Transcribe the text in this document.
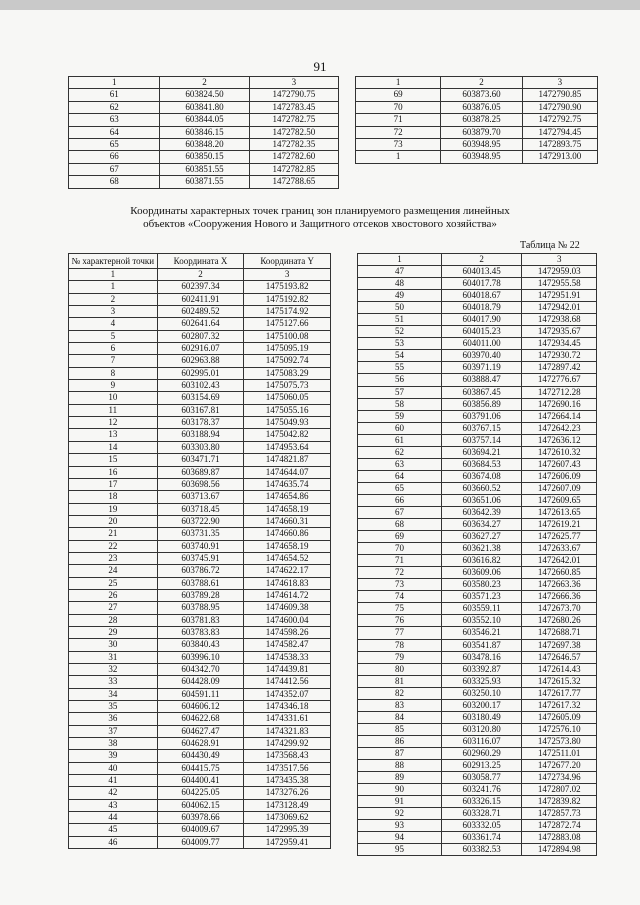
91
1	2	3
61	603824.50	1472790.75
62	603841.80	1472783.45
63	603844.05	1472782.75
64	603846.15	1472782.50
65	603848.20	1472782.35
66	603850.15	1472782.60
67	603851.55	1472782.85
68	603871.55	1472788.65
1	2	3
69	603873.60	1472790.85
70	603876.05	1472790.90
71	603878.25	1472792.75
72	603879.70	1472794.45
73	603948.95	1472893.75
1	603948.95	1472913.00
Координаты характерных точек границ зон планируемого размещения линейных
объектов «Сооружения Нового и Защитного отсеков хвостового хозяйства»
Таблица № 22
№ характерной точки	Координата X	Координата Y
1	2	3
1	602397.34	1475193.82
2	602411.91	1475192.82
3	602489.52	1475174.92
4	602641.64	1475127.66
5	602807.32	1475100.08
6	602916.07	1475095.19
7	602963.88	1475092.74
8	602995.01	1475083.29
9	603102.43	1475075.73
10	603154.69	1475060.05
11	603167.81	1475055.16
12	603178.37	1475049.93
13	603188.94	1475042.82
14	603303.80	1474953.64
15	603471.71	1474821.87
16	603689.87	1474644.07
17	603698.56	1474635.74
18	603713.67	1474654.86
19	603718.45	1474658.19
20	603722.90	1474660.31
21	603731.35	1474660.86
22	603740.91	1474658.19
23	603745.91	1474654.52
24	603786.72	1474622.17
25	603788.61	1474618.83
26	603789.28	1474614.72
27	603788.95	1474609.38
28	603781.83	1474600.04
29	603783.83	1474598.26
30	603840.43	1474582.47
31	603996.10	1474538.33
32	604342.70	1474439.81
33	604428.09	1474412.56
34	604591.11	1474352.07
35	604606.12	1474346.18
36	604622.68	1474331.61
37	604627.47	1474321.83
38	604628.91	1474299.92
39	604430.49	1473568.43
40	604415.75	1473517.56
41	604400.41	1473435.38
42	604225.05	1473276.26
43	604062.15	1473128.49
44	603978.66	1473069.62
45	604009.67	1472995.39
46	604009.77	1472959.41
1	2	3
47	604013.45	1472959.03
48	604017.78	1472955.58
49	604018.67	1472951.91
50	604018.79	1472942.01
51	604017.90	1472938.68
52	604015.23	1472935.67
53	604011.00	1472934.45
54	603970.40	1472930.72
55	603971.19	1472897.42
56	603888.47	1472776.67
57	603867.45	1472712.28
58	603856.89	1472690.16
59	603791.06	1472664.14
60	603767.15	1472642.23
61	603757.14	1472636.12
62	603694.21	1472610.32
63	603684.53	1472607.43
64	603674.08	1472606.09
65	603660.52	1472607.09
66	603651.06	1472609.65
67	603642.39	1472613.65
68	603634.27	1472619.21
69	603627.27	1472625.77
70	603621.38	1472633.67
71	603616.82	1472642.01
72	603609.06	1472660.85
73	603580.23	1472663.36
74	603571.23	1472666.36
75	603559.11	1472673.70
76	603552.10	1472680.26
77	603546.21	1472688.71
78	603541.87	1472697.38
79	603478.16	1472646.57
80	603392.87	1472614.43
81	603325.93	1472615.32
82	603250.10	1472617.77
83	603200.17	1472617.32
84	603180.49	1472605.09
85	603120.80	1472576.10
86	603116.07	1472573.80
87	602960.29	1472511.01
88	602913.25	1472677.20
89	603058.77	1472734.96
90	603241.76	1472807.02
91	603326.15	1472839.82
92	603328.71	1472857.73
93	603332.05	1472872.74
94	603361.74	1472883.08
95	603382.53	1472894.98
